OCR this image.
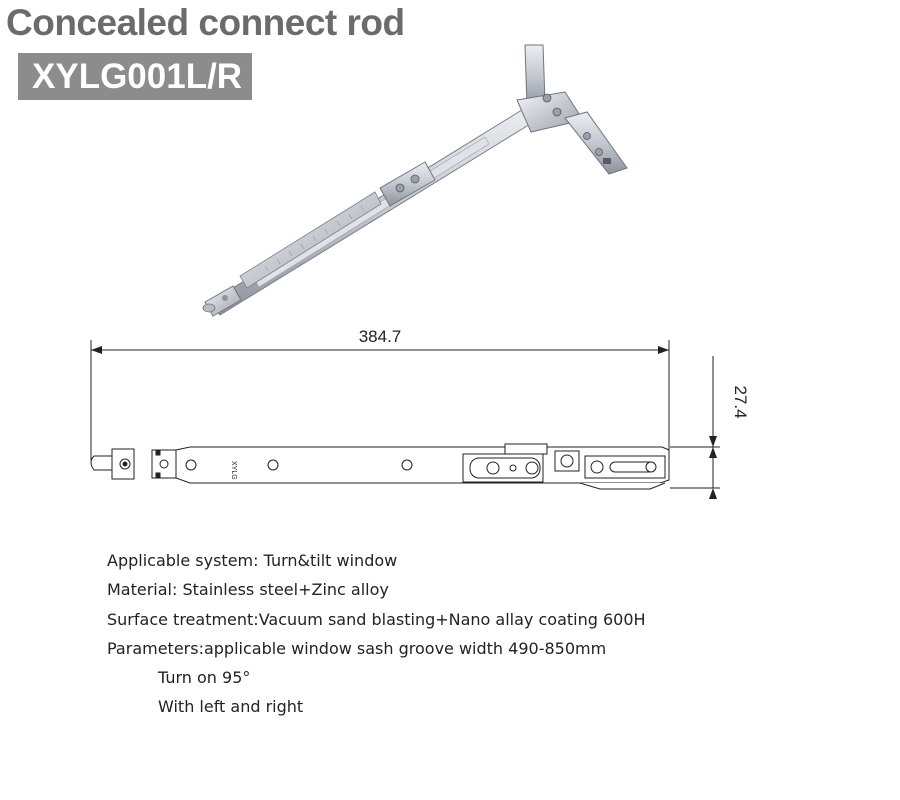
Concealed connect rod
XYLG001L/R
384.7
27.4
XYLG
Applicable system: Turn&tilt window
Material: Stainless steel+Zinc alloy
Surface treatment:Vacuum sand blasting+Nano allay coating 600H
Parameters:applicable window sash groove width 490-850mm
Turn on 95°
With left and right
